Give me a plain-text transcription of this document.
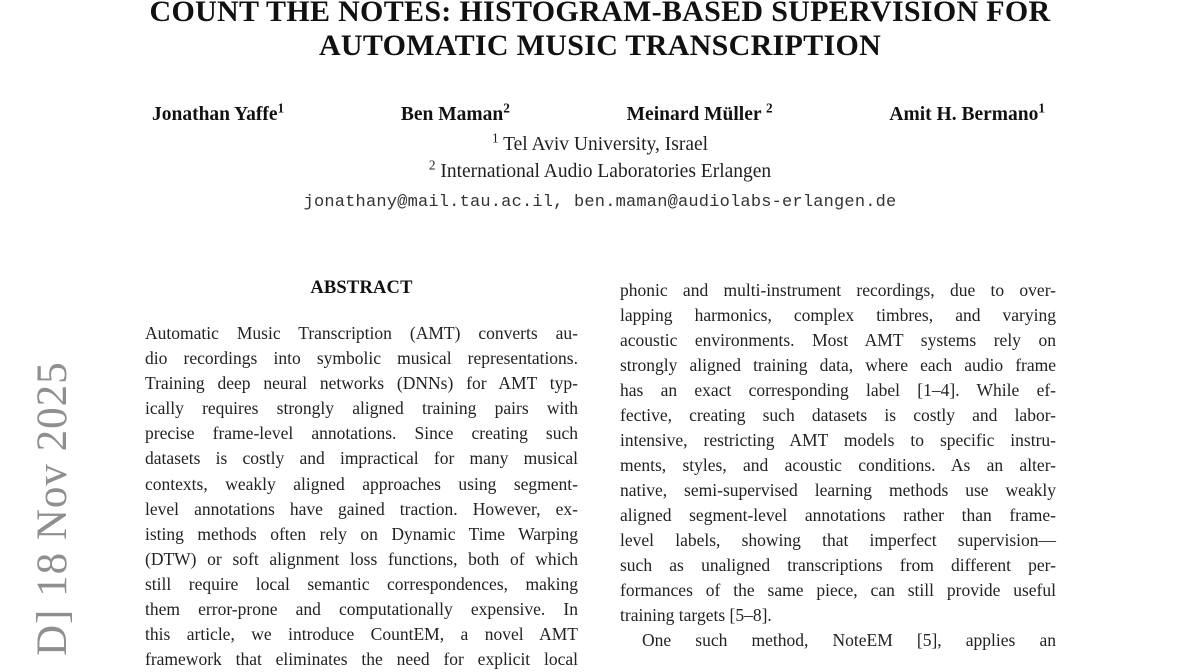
D] 18 Nov 2025
COUNT THE NOTES: HISTOGRAM-BASED SUPERVISION FOR
AUTOMATIC MUSIC TRANSCRIPTION
Jonathan Yaffe$^1$	Ben Maman$^2$	Meinard Müller $^2$	Amit H. Bermano$^1$
$^1$ Tel Aviv University, Israel
$^2$ International Audio Laboratories Erlangen
jonathany@mail.tau.ac.il, ben.maman@audiolabs-erlangen.de
ABSTRACT
Automatic Music Transcription (AMT) converts au-
dio recordings into symbolic musical representations.
Training deep neural networks (DNNs) for AMT typ-
ically requires strongly aligned training pairs with
precise frame-level annotations. Since creating such
datasets is costly and impractical for many musical
contexts, weakly aligned approaches using segment-
level annotations have gained traction. However, ex-
isting methods often rely on Dynamic Time Warping
(DTW) or soft alignment loss functions, both of which
still require local semantic correspondences, making
them error-prone and computationally expensive. In
this article, we introduce CountEM, a novel AMT
framework that eliminates the need for explicit local
phonic and multi-instrument recordings, due to over-
lapping harmonics, complex timbres, and varying
acoustic environments. Most AMT systems rely on
strongly aligned training data, where each audio frame
has an exact corresponding label [1–4]. While ef-
fective, creating such datasets is costly and labor-
intensive, restricting AMT models to specific instru-
ments, styles, and acoustic conditions. As an alter-
native, semi-supervised learning methods use weakly
aligned segment-level annotations rather than frame-
level labels, showing that imperfect supervision—
such as unaligned transcriptions from different per-
formances of the same piece, can still provide useful
training targets [5–8].
One such method, NoteEM [5], applies an
